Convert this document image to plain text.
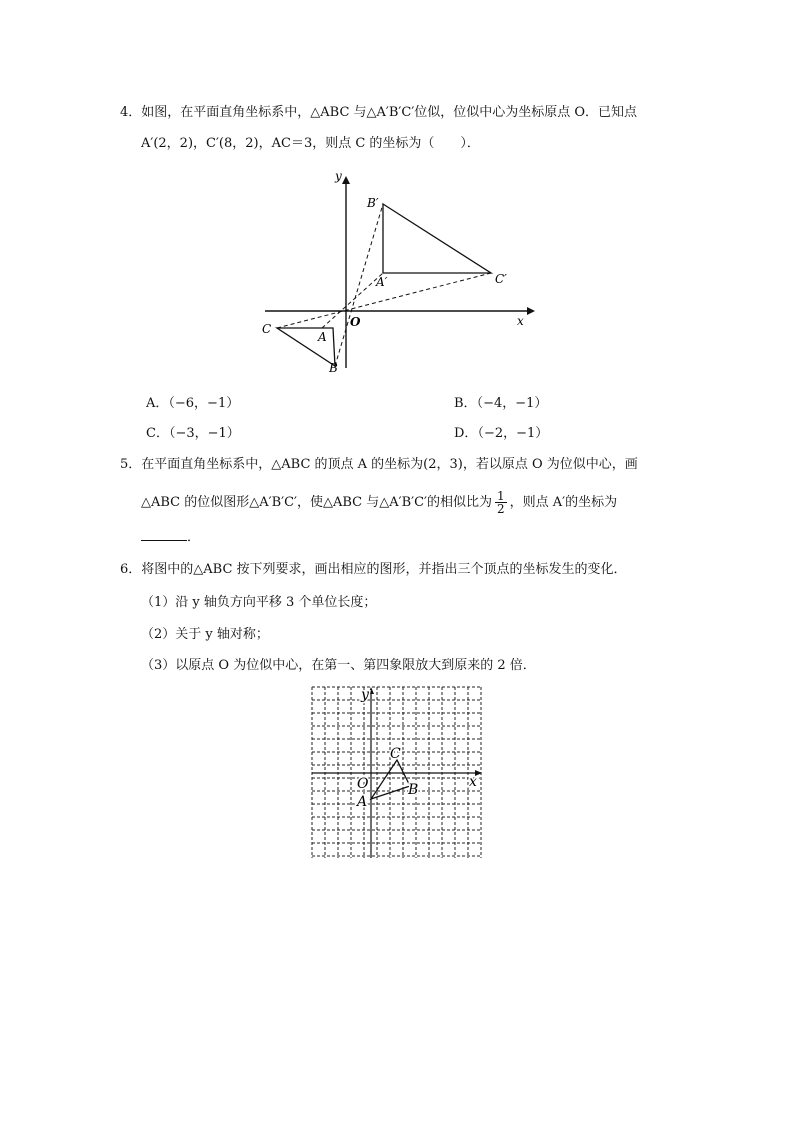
4．如图，在平面直角坐标系中，△ABC 与△A′B′C′位似，位似中心为坐标原点 O．已知点
A′(2，2)，C′(8，2)，AC＝3，则点 C 的坐标为（　　）．
y
x
O
B′
A′	C′
C
A
B
A．（−6，−1）	B．（−4，−1）
C．（−3，−1）	D．（−2，−1）
5．在平面直角坐标系中，△ABC 的顶点 A 的坐标为(2，3)，若以原点 O 为位似中心，画
△ABC 的位似图形△A′B′C′，使△ABC 与△A′B′C′的相似比为 $\frac{1}{2}$ ，则点 A′的坐标为
．
6．将图中的△ABC 按下列要求，画出相应的图形，并指出三个顶点的坐标发生的变化．
（1）沿 y 轴负方向平移 3 个单位长度；
（2）关于 y 轴对称；
（3）以原点 O 为位似中心，在第一、第四象限放大到原来的 2 倍．
y
x
O
C
B
A
